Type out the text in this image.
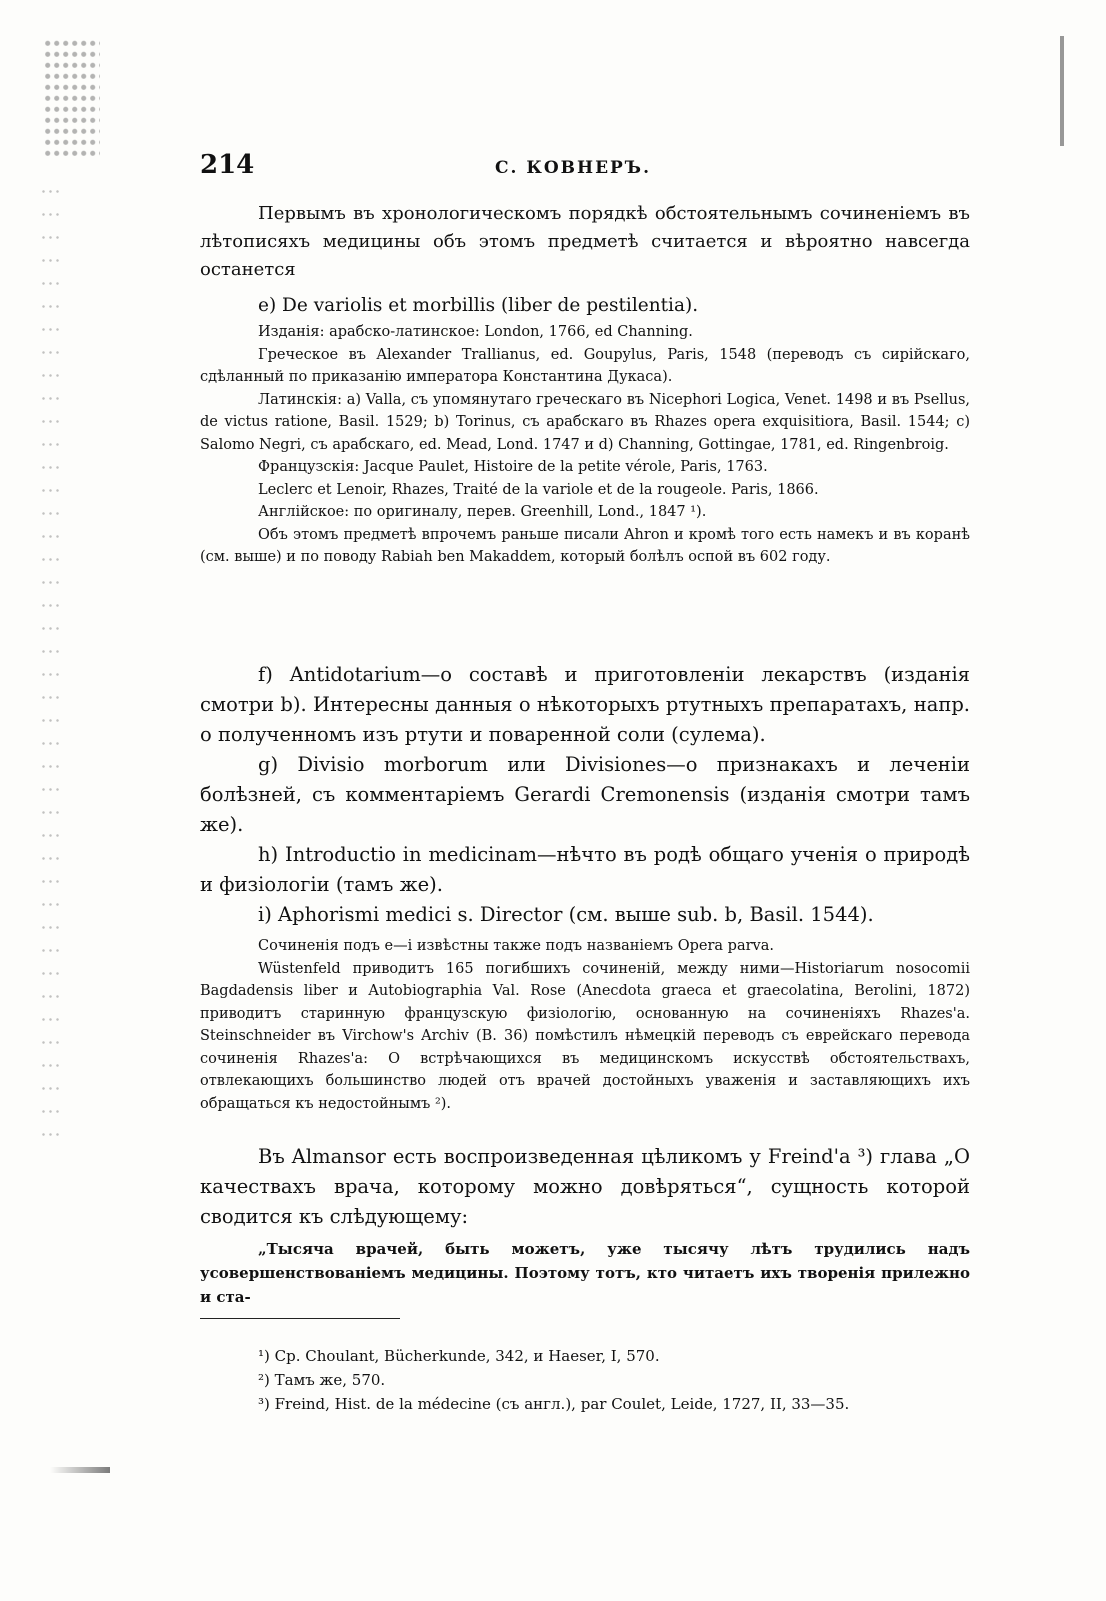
214	С. КОВНЕРЪ.

Первымъ въ хронологическомъ порядкѣ обстоятельнымъ сочиненіемъ въ лѣтописяхъ медицины объ этомъ предметѣ считается и вѣроятно навсегда останется

e) De variolis et morbillis (liber de pestilentia).

Изданія: арабско-латинское: London, 1766, ed Channing.

Греческое въ Alexander Trallianus, ed. Goupylus, Paris, 1548 (переводъ съ сирійскаго, сдѣланный по приказанію императора Константина Дукаса).

Латинскія: a) Valla, съ упомянутаго греческаго въ Nicephori Logica, Venet. 1498 и въ Psellus, de victus ratione, Basil. 1529; b) Torinus, съ арабскаго въ Rhazes opera exquisitiora, Basil. 1544; c) Salomo Negri, съ арабскаго, ed. Mead, Lond. 1747 и d) Channing, Gottingae, 1781, ed. Ringenbroig.

Французскія: Jacque Paulet, Histoire de la petite vérole, Paris, 1763.

Leclerc et Lenoir, Rhazes, Traité de la variole et de la rougeole. Paris, 1866.

Англійское: по оригиналу, перев. Greenhill, Lond., 1847 ¹).

Объ этомъ предметѣ впрочемъ раньше писали Ahron и кромѣ того есть намекъ и въ коранѣ (см. выше) и по поводу Rabiah ben Makaddem, который болѣлъ оспой въ 602 году.

f) Antidotarium—о составѣ и приготовленіи лекарствъ (изданія смотри b). Интересны данныя о нѣкоторыхъ ртутныхъ препаратахъ, напр. о полученномъ изъ ртути и поваренной соли (сулема).

g) Divisio morborum или Divisiones—о признакахъ и леченіи болѣзней, съ комментаріемъ Gerardi Cremonensis (изданія смотри тамъ же).

h) Introductio in medicinam—нѣчто въ родѣ общаго ученія о природѣ и физіологіи (тамъ же).

i) Aphorismi medici s. Director (см. выше sub. b, Basil. 1544).

Сочиненія подъ e—i извѣстны также подъ названіемъ Opera parva.

Wüstenfeld приводитъ 165 погибшихъ сочиненій, между ними—Historiarum nosocomii Bagdadensis liber и Autobiographia Val. Rose (Anecdota graeca et graecolatina, Berolini, 1872) приводитъ старинную французскую физіологію, основанную на сочиненіяхъ Rhazes'a. Steinschneider въ Virchow's Archiv (B. 36) помѣстилъ нѣмецкій переводъ съ еврейскаго перевода сочиненія Rhazes'a: О встрѣчающихся въ медицинскомъ искусствѣ обстоятельствахъ, отвлекающихъ большинство людей отъ врачей достойныхъ уваженія и заставляющихъ ихъ обращаться къ недостойнымъ ²).

Въ Almansor есть воспроизведенная цѣликомъ у Freind'a ³) глава „О качествахъ врача, которому можно довѣряться“, сущность которой сводится къ слѣдующему:

„Тысяча врачей, быть можетъ, уже тысячу лѣтъ трудились надъ усовершенствованіемъ медицины. Поэтому тотъ, кто читаетъ ихъ творенія прилежно и ста-

¹) Ср. Choulant, Bücherkunde, 342, и Haeser, I, 570.
²) Тамъ же, 570.
³) Freind, Hist. de la médecine (съ англ.), par Coulet, Leide, 1727, II, 33—35.
